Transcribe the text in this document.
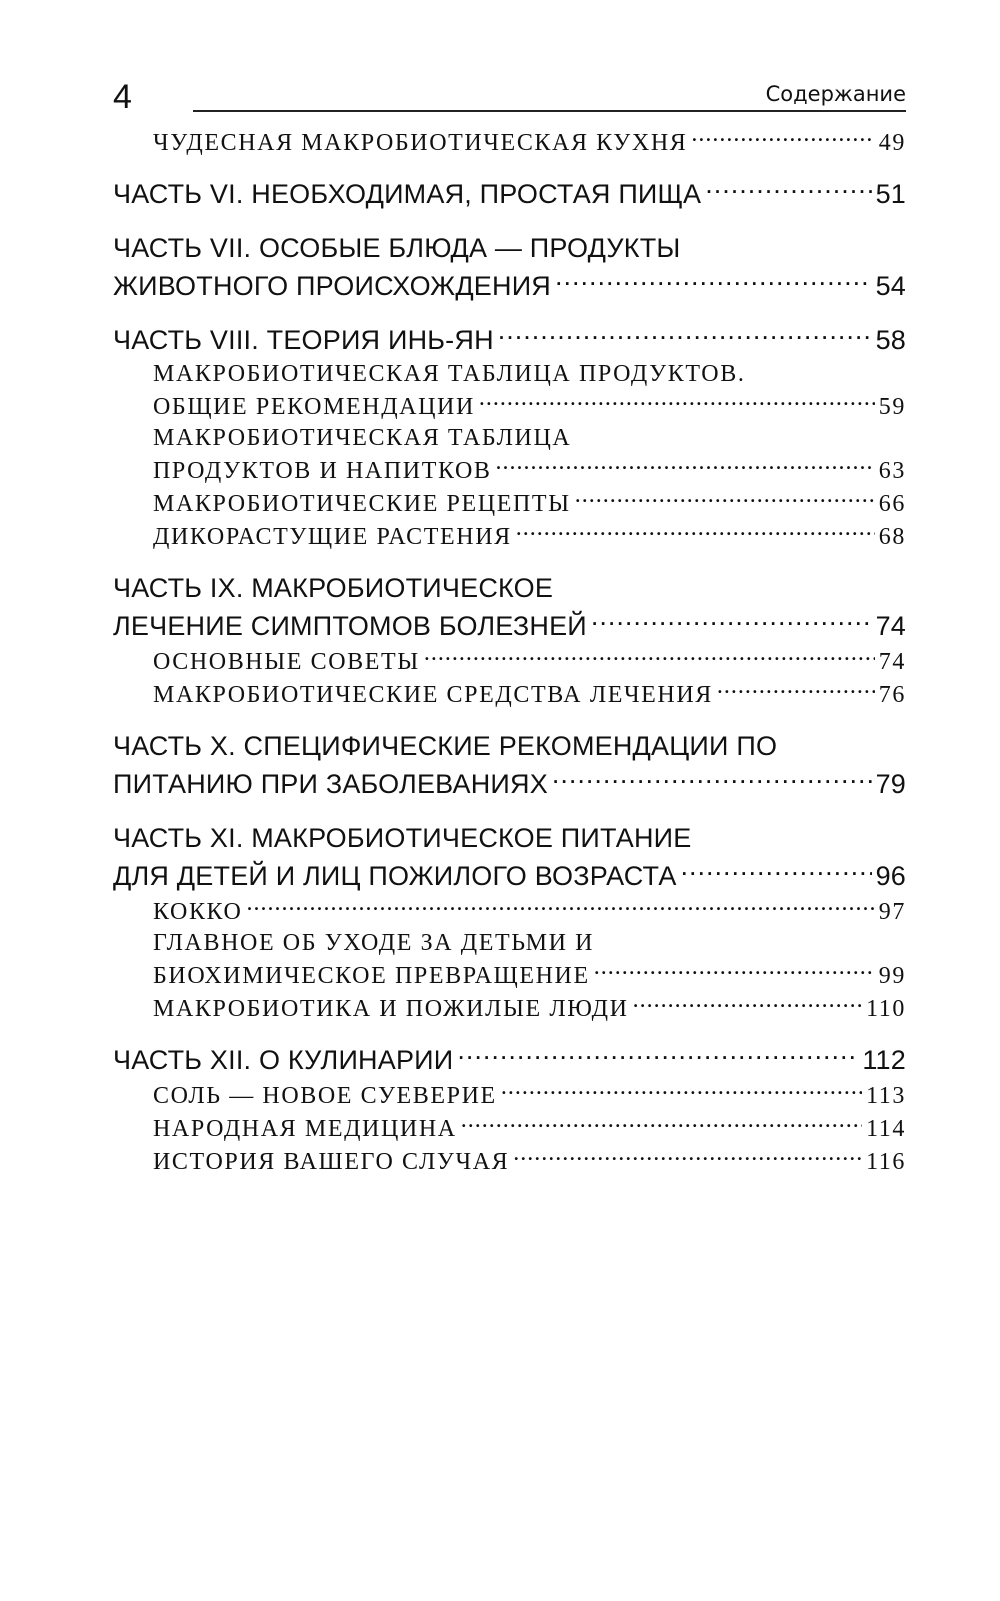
4	Содержание
ЧУДЕСНАЯ МАКРОБИОТИЧЕСКАЯ КУХНЯ .....	49
ЧАСТЬ VI. НЕОБХОДИМАЯ, ПРОСТАЯ ПИЩА .....	51
ЧАСТЬ VII. ОСОБЫЕ БЛЮДА — ПРОДУКТЫ
ЖИВОТНОГО ПРОИСХОЖДЕНИЯ .....	54
ЧАСТЬ VIII. ТЕОРИЯ ИНЬ-ЯН .....	58
МАКРОБИОТИЧЕСКАЯ ТАБЛИЦА ПРОДУКТОВ.
ОБЩИЕ РЕКОМЕНДАЦИИ .....	59
МАКРОБИОТИЧЕСКАЯ ТАБЛИЦА
ПРОДУКТОВ И НАПИТКОВ .....	63
МАКРОБИОТИЧЕСКИЕ РЕЦЕПТЫ .....	66
ДИКОРАСТУЩИЕ РАСТЕНИЯ .....	68
ЧАСТЬ IX. МАКРОБИОТИЧЕСКОЕ
ЛЕЧЕНИЕ СИМПТОМОВ БОЛЕЗНЕЙ .....	74
ОСНОВНЫЕ СОВЕТЫ .....	74
МАКРОБИОТИЧЕСКИЕ СРЕДСТВА ЛЕЧЕНИЯ .....	76
ЧАСТЬ X. СПЕЦИФИЧЕСКИЕ РЕКОМЕНДАЦИИ ПО
ПИТАНИЮ ПРИ ЗАБОЛЕВАНИЯХ .....	79
ЧАСТЬ XI. МАКРОБИОТИЧЕСКОЕ ПИТАНИЕ
ДЛЯ ДЕТЕЙ И ЛИЦ ПОЖИЛОГО ВОЗРАСТА .....	96
КОККО .....	97
ГЛАВНОЕ ОБ УХОДЕ ЗА ДЕТЬМИ И
БИОХИМИЧЕСКОЕ ПРЕВРАЩЕНИЕ .....	99
МАКРОБИОТИКА И ПОЖИЛЫЕ ЛЮДИ .....	110
ЧАСТЬ XII. О КУЛИНАРИИ .....	112
СОЛЬ — НОВОЕ СУЕВЕРИЕ .....	113
НАРОДНАЯ МЕДИЦИНА .....	114
ИСТОРИЯ ВАШЕГО СЛУЧАЯ .....	116
